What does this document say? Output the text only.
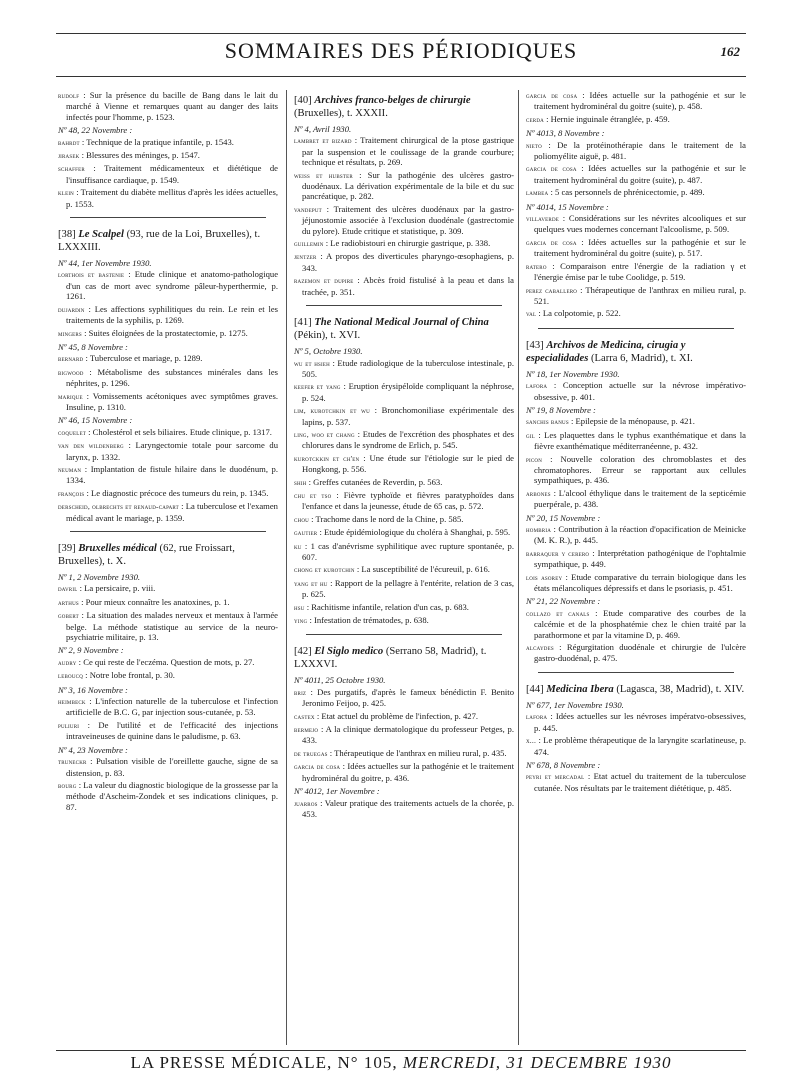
SOMMAIRES DES PÉRIODIQUES	162
rudolf : Sur la présence du bacille de Bang dans le lait du marché à Vienne et remarques quant au danger des laits infectés pour l'homme, p. 1523.
Nº 48, 22 Novembre :
bahrdt : Technique de la pratique infantile, p. 1543.
jirasek : Blessures des méninges, p. 1547.
schaffer : Traitement médicamenteux et diététique de l'insuffisance cardiaque, p. 1549.
klein : Traitement du diabète mellitus d'après les idées actuelles, p. 1553.
[38] Le Scalpel (93, rue de la Loi, Bruxelles), t. LXXXIII.
Nº 44, 1er Novembre 1930.
lorthois et bastenie : Etude clinique et anatomo-pathologique d'un cas de mort avec syndrome pâleur-hyperthermie, p. 1261.
dujardin : Les affections syphilitiques du rein. Le rein et les traitements de la syphilis, p. 1269.
mingers : Suites éloignées de la prostatectomie, p. 1275.
Nº 45, 8 Novembre :
bernard : Tuberculose et mariage, p. 1289.
bigwood : Métabolisme des substances minérales dans les néphrites, p. 1296.
marique : Vomissements acétoniques avec symptômes graves. Insuline, p. 1310.
Nº 46, 15 Novembre :
coquelet : Cholestérol et sels biliaires. Etude clinique, p. 1317.
van den wildenberg : Laryngectomie totale pour sarcome du larynx, p. 1332.
neuman : Implantation de fistule hilaire dans le duodénum, p. 1334.
françois : Le diagnostic précoce des tumeurs du rein, p. 1345.
derscheid, olbrechts et renaud-capart : La tuberculose et l'examen médical avant le mariage, p. 1359.
[39] Bruxelles médical (62, rue Froissart, Bruxelles), t. X.
Nº 1, 2 Novembre 1930.
davril : La persicaire, p. viii.
arthus : Pour mieux connaître les anatoxines, p. 1.
gobert : La situation des malades nerveux et mentaux à l'armée belge. La méthode statistique au service de la neuro-psychiatrie militaire, p. 13.
Nº 2, 9 Novembre :
audry : Ce qui reste de l'eczéma. Question de mots, p. 27.
leboucq : Notre lobe frontal, p. 30.
Nº 3, 16 Novembre :
heimbeck : L'infection naturelle de la tuberculose et l'infection artificielle de B.C. G, par injection sous-cutanée, p. 53.
puliuri : De l'utilité et de l'efficacité des injections intraveineuses de quinine dans le paludisme, p. 63.
Nº 4, 23 Novembre :
truneckr : Pulsation visible de l'oreillette gauche, signe de sa distension, p. 83.
bourg : La valeur du diagnostic biologique de la grossesse par la méthode d'Ascheim-Zondek et ses indications cliniques, p. 87.
[40] Archives franco-belges de chirurgie (Bruxelles), t. XXXII.
Nº 4, Avril 1930.
lambret et bizard : Traitement chirurgical de la ptose gastrique par la suspension et le coulissage de la grande courbure; technique et résultats, p. 269.
weiss et hubster : Sur la pathogénie des ulcères gastro-duodénaux. La dérivation expérimentale de la bile et du suc pancréatique, p. 282.
vandeput : Traitement des ulcères duodénaux par la gastro-jéjunostomie associée à l'exclusion duodénale (gastrectomie du pylore). Etude critique et statistique, p. 309.
guillemin : Le radiobistouri en chirurgie gastrique, p. 338.
jentzer : A propos des diverticules pharyngo-œsophagiens, p. 343.
razemon et dupire : Abcès froid fistulisé à la peau et dans la trachée, p. 351.
[41] The National Medical Journal of China (Pékin), t. XVI.
Nº 5, Octobre 1930.
wu et hsieh : Etude radiologique de la tuberculose intestinale, p. 505.
keefer et yang : Eruption érysipéloïde compliquant la néphrose, p. 524.
lim, kurotchkin et wu : Bronchomoniliase expérimentale des lapins, p. 537.
ling, woo et chang : Etudes de l'excrétion des phosphates et des chlorures dans le syndrome de Erlich, p. 545.
kurotckkin et ch'en : Une étude sur l'étiologie sur le pied de Hongkong, p. 556.
shih : Greffes cutanées de Reverdin, p. 563.
chu et tso : Fièvre typhoïde et fièvres paratyphoïdes dans l'enfance et dans la jeunesse, étude de 65 cas, p. 572.
chou : Trachome dans le nord de la Chine, p. 585.
gautier : Etude épidémiologique du choléra à Shanghai, p. 595.
ku : 1 cas d'anévrisme syphilitique avec rupture spontanée, p. 607.
chong et kurotchin : La susceptibilité de l'écureuil, p. 616.
yang et hu : Rapport de la pellagre à l'entérite, relation de 3 cas, p. 625.
hsu : Rachitisme infantile, relation d'un cas, p. 683.
ying : Infestation de trématodes, p. 638.
[42] El Siglo medico (Serrano 58, Madrid), t. LXXXVI.
Nº 4011, 25 Octobre 1930.
briz : Des purgatifs, d'après le fameux bénédictin F. Benito Jeronimo Feijoo, p. 425.
castex : Etat actuel du problème de l'infection, p. 427.
bermejo : A la clinique dermatologique du professeur Petges, p. 433.
de truegas : Thérapeutique de l'anthrax en milieu rural, p. 435.
garcia de cosa : Idées actuelles sur la pathogénie et le traitement hydrominéral du goitre, p. 436.
Nº 4012, 1er Novembre :
juarros : Valeur pratique des traitements actuels de la chorée, p. 453.
garcia de cosa : Idées actuelle sur la pathogénie et sur le traitement hydrominéral du goitre (suite), p. 458.
cerda : Hernie inguinale étranglée, p. 459.
Nº 4013, 8 Novembre :
nieto : De la protéinothérapie dans le traitement de la poliomyélite aiguë, p. 481.
garcia de cosa : Idées actuelles sur la pathogénie et sur le traitement hydrominéral du goitre (suite), p. 487.
lambea : 5 cas personnels de phrénicectomie, p. 489.
Nº 4014, 15 Novembre :
villaverde : Considérations sur les névrites alcooliques et sur quelques vues modernes concernant l'alcoolisme, p. 509.
garcia de cosa : Idées actuelles sur la pathogénie et sur le traitement hydrominéral du goitre (suite), p. 517.
ratero : Comparaison entre l'énergie de la radiation γ et l'énergie émise par le tube Coolidge, p. 519.
perez caballero : Thérapeutique de l'anthrax en milieu rural, p. 521.
val : La colpotomie, p. 522.
[43] Archivos de Medicina, cirugia y especialidades (Larra 6, Madrid), t. XI.
Nº 18, 1er Novembre 1930.
lafora : Conception actuelle sur la névrose impérativo-obsessive, p. 401.
Nº 19, 8 Novembre :
sanchis banus : Epilepsie de la ménopause, p. 421.
gil : Les plaquettes dans le typhus exanthématique et dans la fièvre exanthématique méditerranéenne, p. 432.
picon : Nouvelle coloration des chromoblastes et des chromatophores. Erreur se rapportant aux cellules sympathiques, p. 436.
arbones : L'alcool éthylique dans le traitement de la septicémie puerpérale, p. 438.
Nº 20, 15 Novembre :
hombria : Contribution à la réaction d'opacification de Meinicke (M. K. R.), p. 445.
barraquer y cerero : Interprétation pathogénique de l'ophtalmie sympathique, p. 449.
lois asorey : Etude comparative du terrain biologique dans les états mélancoliques dépressifs et dans le psoriasis, p. 451.
Nº 21, 22 Novembre :
collazo et canals : Etude comparative des courbes de la calcémie et de la phosphatémie chez le chien traité par la parathormone et par la vitamine D, p. 469.
alcaydes : Régurgitation duodénale et chirurgie de l'ulcère gastro-duodénal, p. 475.
[44] Medicina Ibera (Lagasca, 38, Madrid), t. XIV.
Nº 677, 1er Novembre 1930.
lafora : Idées actuelles sur les névroses impératvo-obsessives, p. 445.
x... : Le problème thérapeutique de la laryngite scarlatineuse, p. 474.
Nº 678, 8 Novembre :
peyri et mercadal : Etat actuel du traitement de la tuberculose cutanée. Nos résultats par le traitement diététique, p. 485.
LA PRESSE MÉDICALE, N° 105, MERCREDI, 31 DECEMBRE 1930
